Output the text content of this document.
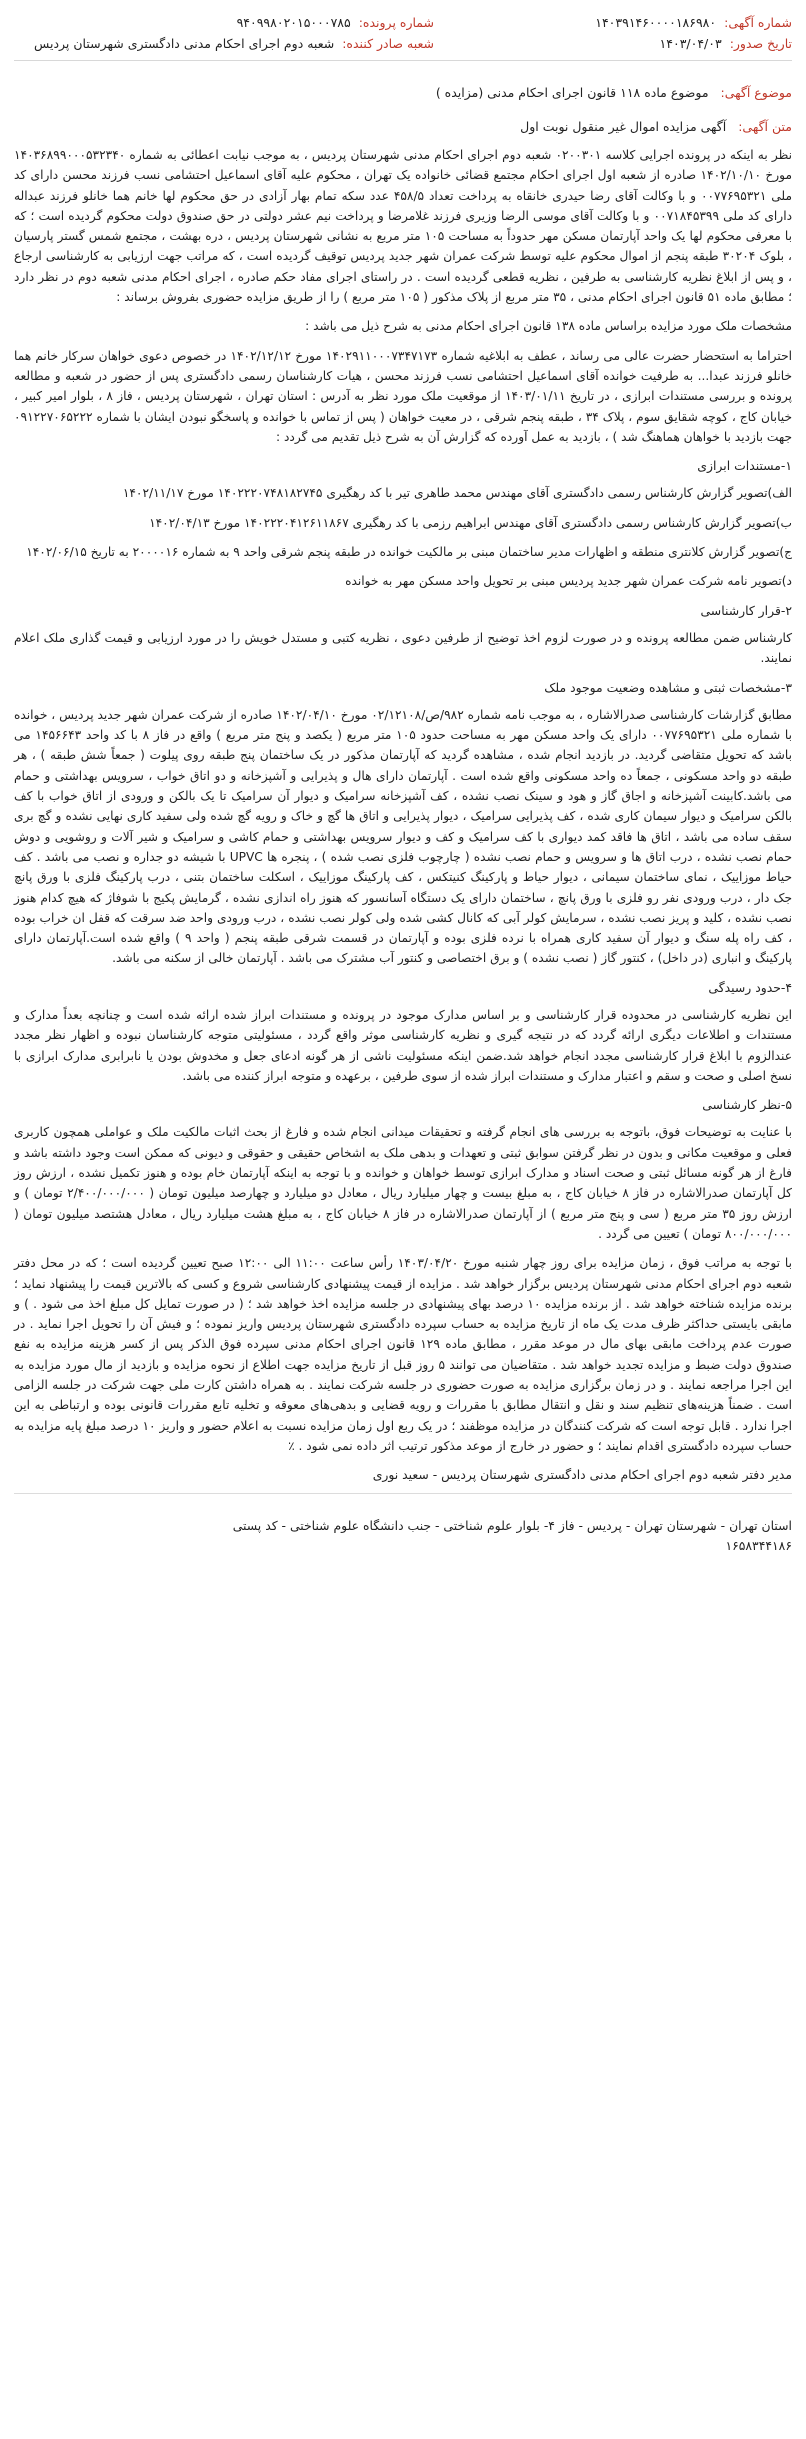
شماره آگهی:
۱۴۰۳۹۱۴۶۰۰۰۰۱۸۶۹۸۰
شماره پرونده:
۹۴۰۹۹۸۰۲۰۱۵۰۰۰۷۸۵
تاریخ صدور:
۱۴۰۳/۰۴/۰۳
شعبه صادر کننده:
شعبه دوم اجرای احکام مدنی دادگستری شهرستان پردیس
موضوع آگهی: موضوع ماده ۱۱۸ قانون اجرای احکام مدنی (مزایده )
متن آگهی: آگهی مزایده اموال غیر منقول نوبت اول

نظر به اینکه در پرونده اجرایی کلاسه ۰۲۰۰۳۰۱ شعبه دوم اجرای احکام مدنی شهرستان پردیس ، به موجب نیابت اعطائی به شماره ۱۴۰۳۶۸۹۹۰۰۰۵۳۲۳۴۰ مورخ ۱۴۰۲/۱۰/۱۰ صادره از شعبه اول اجرای احکام مجتمع قضائی خانواده یک تهران ، محکوم علیه آقای اسماعیل احتشامی نسب فرزند محسن دارای کد ملی ۰۰۷۷۶۹۵۳۲۱ و با وکالت آقای رضا حیدری خانقاه به پرداخت تعداد ۴۵۸/۵ عدد سکه تمام بهار آزادی در حق محکوم لها خانم هما خانلو فرزند عبداله دارای کد ملی ۰۰۷۱۸۴۵۳۹۹ و با وکالت آقای موسی الرضا وزیری فرزند غلامرضا و پرداخت نیم عشر دولتی در حق صندوق دولت محکوم گردیده است ؛ که با معرفی محکوم لها یک واحد آپارتمان مسکن مهر حدوداً به مساحت ۱۰۵ متر مربع به نشانی شهرستان پردیس ، دره بهشت ، مجتمع شمس گستر پارسیان ، بلوک ۳۰۲۰۴ طبقه پنجم از اموال محکوم علیه توسط شرکت عمران شهر جدید پردیس توقیف گردیده است ، که مراتب جهت ارزیابی به کارشناسی ارجاع ، و پس از ابلاغ نظریه کارشناسی به طرفین ، نظریه قطعی گردیده است . در راستای اجرای مفاد حکم صادره ، اجرای احکام مدنی شعبه دوم در نظر دارد ؛ مطابق ماده ۵۱ قانون اجرای احکام مدنی ، ۳۵ متر مربع از پلاک مذکور ( ۱۰۵ متر مربع ) را از طریق مزایده حضوری بفروش برساند :

مشخصات ملک مورد مزایده براساس ماده ۱۳۸ قانون اجرای احکام مدنی به شرح ذیل می باشد :

احتراما به استحضار حضرت عالی می رساند ، عطف به ابلاغیه شماره ۱۴۰۲۹۱۱۰۰۰۷۳۴۷۱۷۳ مورخ ۱۴۰۲/۱۲/۱۲ در خصوص دعوی خواهان سرکار خانم هما خانلو فرزند عبدا... به طرفیت خوانده آقای اسماعیل احتشامی نسب فرزند محسن ، هیات کارشناسان رسمی دادگستری پس از حضور در شعبه و مطالعه پرونده و بررسی مستندات ابرازی ، در تاریخ ۱۴۰۳/۰۱/۱۱ از موقعیت ملک مورد نظر به آدرس : استان تهران ، شهرستان پردیس ، فاز ۸ ، بلوار امیر کبیر ، خیابان کاج ، کوچه شقایق سوم ، پلاک ۳۴ ، طبقه پنجم شرقی ، در معیت خواهان ( پس از تماس با خوانده و پاسخگو نبودن ایشان با شماره ۰۹۱۲۲۷۰۶۵۲۲۲ جهت بازدید با خواهان هماهنگ شد ) ، بازدید به عمل آورده که گزارش آن به شرح ذیل تقدیم می گردد :

۱-مستندات ابرازی

الف)تصویر گزارش کارشناس رسمی دادگستری آقای مهندس محمد طاهری تیر با کد رهگیری ۱۴۰۲۲۲۰۷۴۸۱۸۲۷۴۵ مورخ ۱۴۰۲/۱۱/۱۷

ب)تصویر گزارش کارشناس رسمی دادگستری آقای مهندس ابراهیم رزمی با کد رهگیری ۱۴۰۲۲۲۰۴۱۲۶۱۱۸۶۷ مورخ ۱۴۰۲/۰۴/۱۳

ج)تصویر گزارش کلانتری منطقه و اظهارات مدیر ساختمان مبنی بر مالکیت خوانده در طبقه پنجم شرقی واحد ۹ به شماره ۲۰۰۰۰۱۶ به تاریخ ۱۴۰۲/۰۶/۱۵

د)تصویر نامه شرکت عمران شهر جدید پردیس مبنی بر تحویل واحد مسکن مهر به خوانده

۲-قرار کارشناسی

کارشناس ضمن مطالعه پرونده و در صورت لزوم اخذ توضیح از طرفین دعوی ، نظریه کتبی و مستدل خویش را در مورد ارزیابی و قیمت گذاری ملک اعلام نمایند.

۳-مشخصات ثبتی و مشاهده وضعیت موجود ملک

مطابق گزارشات کارشناسی صدرالاشاره ، به موجب نامه شماره ۹۸۲/ص/۰۲/۱۲۱۰۸ مورخ ۱۴۰۲/۰۴/۱۰ صادره از شرکت عمران شهر جدید پردیس ، خوانده با شماره ملی ۰۰۷۷۶۹۵۳۲۱ دارای یک واحد مسکن مهر به مساحت حدود ۱۰۵ متر مربع ( یکصد و پنج متر مربع ) واقع در فاز ۸ با کد واحد ۱۴۵۶۶۴۳ می باشد که تحویل متقاضی گردید. در بازدید انجام شده ، مشاهده گردید که آپارتمان مذکور در یک ساختمان پنج طبقه روی پیلوت ( جمعاً شش طبقه ) ، هر طبقه دو واحد مسکونی ، جمعاً ده واحد مسکونی واقع شده است . آپارتمان دارای هال و پذیرایی و آشپزخانه و دو اتاق خواب ، سرویس بهداشتی و حمام می باشد.کابینت آشپزخانه و اجاق گاز و هود و سینک نصب نشده ، کف آشپزخانه سرامیک و دیوار آن سرامیک تا یک بالکن و ورودی از اتاق خواب با کف بالکن سرامیک و دیوار سیمان کاری شده ، کف پذیرایی سرامیک ، دیوار پذیرایی و اتاق ها گچ و خاک و رویه گچ شده ولی سفید کاری نهایی نشده و گچ بری سقف ساده می باشد ، اتاق ها فاقد کمد دیواری با کف سرامیک و کف و دیوار سرویس بهداشتی و حمام کاشی و سرامیک و شیر آلات و روشویی و دوش حمام نصب نشده ، درب اتاق ها و سرویس و حمام نصب نشده ( چارچوب فلزی نصب شده ) ، پنجره ها UPVC با شیشه دو جداره و نصب می باشد . کف حیاط موزاییک ، نمای ساختمان سیمانی ، دیوار حیاط و پارکینگ کنیتکس ، کف پارکینگ موزاییک ، اسکلت ساختمان بتنی ، درب پارکینگ فلزی با ورق پانچ جک دار ، درب ورودی نفر رو فلزی با ورق پانچ ، ساختمان دارای یک دستگاه آسانسور که هنوز راه اندازی نشده ، گرمایش پکیج با شوفاژ که هیچ کدام هنوز نصب نشده ، کلید و پریز نصب نشده ، سرمایش کولر آبی که کانال کشی شده ولی کولر نصب نشده ، درب ورودی واحد ضد سرقت که قفل ان خراب بوده ، کف راه پله سنگ و دیوار آن سفید کاری همراه با نرده فلزی بوده و آپارتمان در قسمت شرقی طبقه پنجم ( واحد ۹ ) واقع شده است.آپارتمان دارای پارکینگ و انباری (در داخل) ، کنتور گاز ( نصب نشده ) و برق اختصاصی و کنتور آب مشترک می باشد . آپارتمان خالی از سکنه می باشد.

۴-حدود رسیدگی

این نظریه کارشناسی در محدوده قرار کارشناسی و بر اساس مدارک موجود در پرونده و مستندات ابراز شده ارائه شده است و چنانچه بعداً مدارک و مستندات و اطلاعات دیگری ارائه گردد که در نتیجه گیری و نظریه کارشناسی موثر واقع گردد ، مسئولیتی متوجه کارشناسان نبوده و اظهار نظر مجدد عندالزوم با ابلاغ قرار کارشناسی مجدد انجام خواهد شد.ضمن اینکه مسئولیت ناشی از هر گونه ادعای جعل و مخدوش بودن یا نابرابری مدارک ابرازی با نسخ اصلی و صحت و سقم و اعتبار مدارک و مستندات ابراز شده از سوی طرفین ، برعهده و متوجه ابراز کننده می باشد.

۵-نظر کارشناسی

با عنایت به توضیحات فوق، باتوجه به بررسی های انجام گرفته و تحقیقات میدانی انجام شده و فارغ از بحث اثبات مالکیت ملک و عواملی همچون کاربری فعلی و موقعیت مکانی و بدون در نظر گرفتن سوابق ثبتی و تعهدات و بدهی ملک به اشخاص حقیقی و حقوقی و دیونی که ممکن است وجود داشته باشد و فارغ از هر گونه مسائل ثبتی و صحت اسناد و مدارک ابرازی توسط خواهان و خوانده و با توجه به اینکه آپارتمان خام بوده و هنوز تکمیل نشده ، ارزش روز کل آپارتمان صدرالاشاره در فاز ۸ خیابان کاج ، به مبلغ بیست و چهار میلیارد ریال ، معادل دو میلیارد و چهارصد میلیون تومان ( ۲/۴۰۰/۰۰۰/۰۰۰ تومان ) و ارزش روز ۳۵ متر مربع ( سی و پنج متر مربع ) از آپارتمان صدرالاشاره در فاز ۸ خیابان کاج ، به مبلغ هشت میلیارد ریال ، معادل هشتصد میلیون تومان ( ۸۰۰/۰۰۰/۰۰۰ تومان ) تعیین می گردد .

با توجه به مراتب فوق ، زمان مزایده برای روز چهار شنبه مورخ ۱۴۰۳/۰۴/۲۰ رأس ساعت ۱۱:۰۰ الی ۱۲:۰۰ صبح تعیین گردیده است ؛ که در محل دفتر شعبه دوم اجرای احکام مدنی شهرستان پردیس برگزار خواهد شد . مزایده از قیمت پیشنهادی کارشناسی شروع و کسی که بالاترین قیمت را پیشنهاد نماید ؛ برنده مزایده شناخته خواهد شد . از برنده مزایده ۱۰ درصد بهای پیشنهادی در جلسه مزایده اخذ خواهد شد ؛ ( در صورت تمایل کل مبلغ اخذ می شود . ) و مابقی بایستی حداکثر ظرف مدت یک ماه از تاریخ مزایده به حساب سپرده دادگستری شهرستان پردیس واریز نموده ؛ و فیش آن را تحویل اجرا نماید . در صورت عدم پرداخت مابقی بهای مال در موعد مقرر ، مطابق ماده ۱۲۹ قانون اجرای احکام مدنی سپرده فوق الذکر پس از کسر هزینه مزایده به نفع صندوق دولت ضبط و مزایده تجدید خواهد شد . متقاضیان می توانند ۵ روز قبل از تاریخ مزایده جهت اطلاع از نحوه مزایده و بازدید از مال مورد مزایده به این اجرا مراجعه نمایند . و در زمان برگزاری مزایده به صورت حضوری در جلسه شرکت نمایند . به همراه داشتن کارت ملی جهت شرکت در جلسه الزامی است . ضمناً هزینه‌های تنظیم سند و نقل و انتقال مطابق با مقررات و رویه قضایی و بدهی‌های معوقه و تخلیه تابع مقررات قانونی بوده و ارتباطی به این اجرا ندارد . قابل توجه است که شرکت کنندگان در مزایده موظفند ؛ در یک ربع اول زمان مزایده نسبت به اعلام حضور و واریز ۱۰ درصد مبلغ پایه مزایده به حساب سپرده دادگستری اقدام نمایند ؛ و حضور در خارج از موعد مذکور ترتیب اثر داده نمی شود . ٪

مدیر دفتر شعبه دوم اجرای احکام مدنی دادگستری شهرستان پردیس - سعید نوری
استان تهران - شهرستان تهران - پردیس - فاز ۴- بلوار علوم شناختی - جنب دانشگاه علوم شناختی - کد پستی
۱۶۵۸۳۴۴۱۸۶
